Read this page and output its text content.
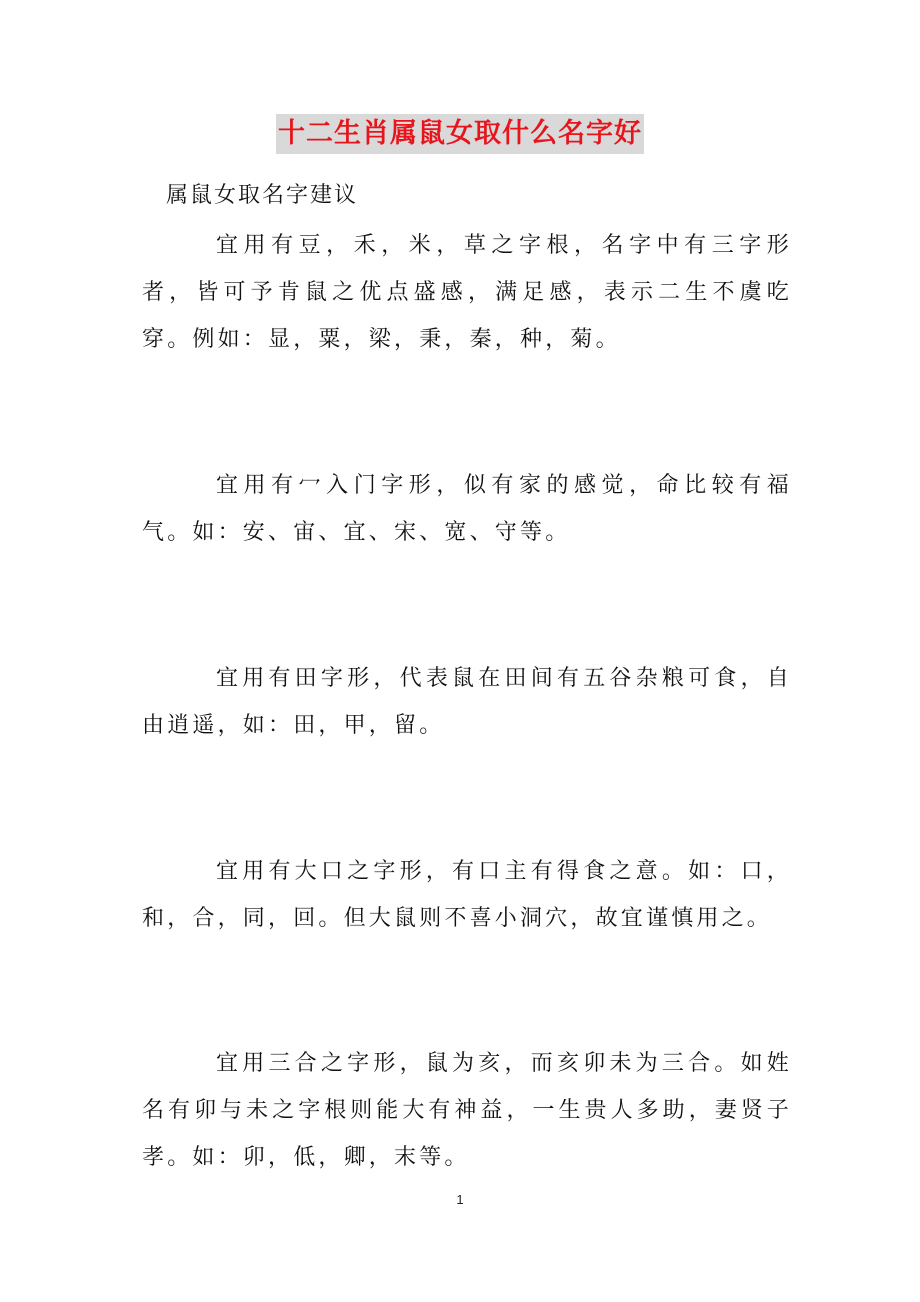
十二生肖属鼠女取什么名字好
属鼠女取名字建议

宜用有豆，禾，米，草之字根，名字中有三字形者，皆可予肯鼠之优点盛感，满足感，表示二生不虞吃穿。例如：显，粟，梁，秉，秦，种，菊。

宜用有冖入门字形，似有家的感觉，命比较有福气。如：安、宙、宜、宋、宽、守等。

宜用有田字形，代表鼠在田间有五谷杂粮可食，自由逍遥，如：田，甲，留。

宜用有大口之字形，有口主有得食之意。如：口，和，合，同，回。但大鼠则不喜小洞穴，故宜谨慎用之。

宜用三合之字形，鼠为亥，而亥卯未为三合。如姓名有卯与未之字根则能大有神益，一生贵人多助，妻贤子孝。如：卯，低，卿，末等。

1
